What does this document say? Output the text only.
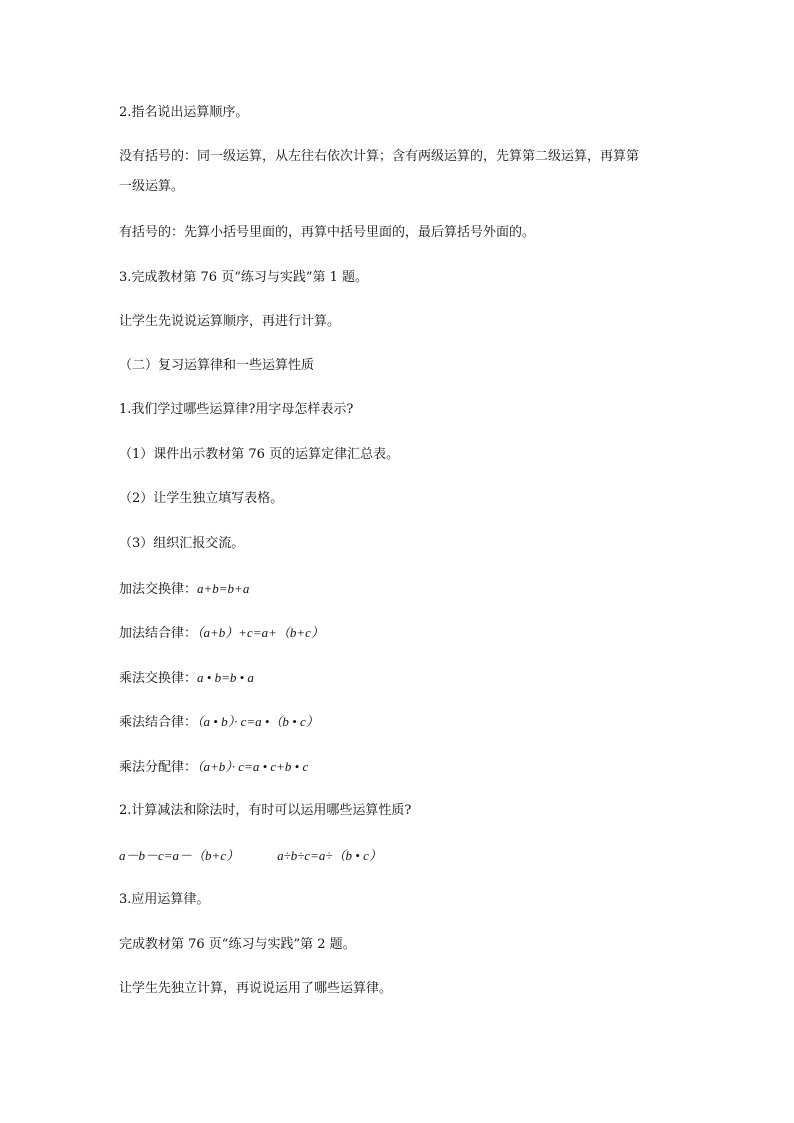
2.指名说出运算顺序。

没有括号的：同一级运算，从左往右依次计算；含有两级运算的，先算第二级运算，再算第

一级运算。

有括号的：先算小括号里面的，再算中括号里面的，最后算括号外面的。

3.完成教材第 76 页“练习与实践”第 1 题。

让学生先说说运算顺序，再进行计算。

（二）复习运算律和一些运算性质

1.我们学过哪些运算律?用字母怎样表示?

（1）课件出示教材第 76 页的运算定律汇总表。

（2）让学生独立填写表格。

（3）组织汇报交流。

加法交换律：a+b=b+a

加法结合律：（a+b）+c=a+（b+c）

乘法交换律：a • b=b • a

乘法结合律：（a • b）· c=a •（b • c）

乘法分配律：（a+b）· c=a • c+b • c

2.计算减法和除法时，有时可以运用哪些运算性质?

a－b－c=a－（b+c）	a÷b÷c=a÷（b • c）

3.应用运算律。

完成教材第 76 页“练习与实践”第 2 题。

让学生先独立计算，再说说运用了哪些运算律。
